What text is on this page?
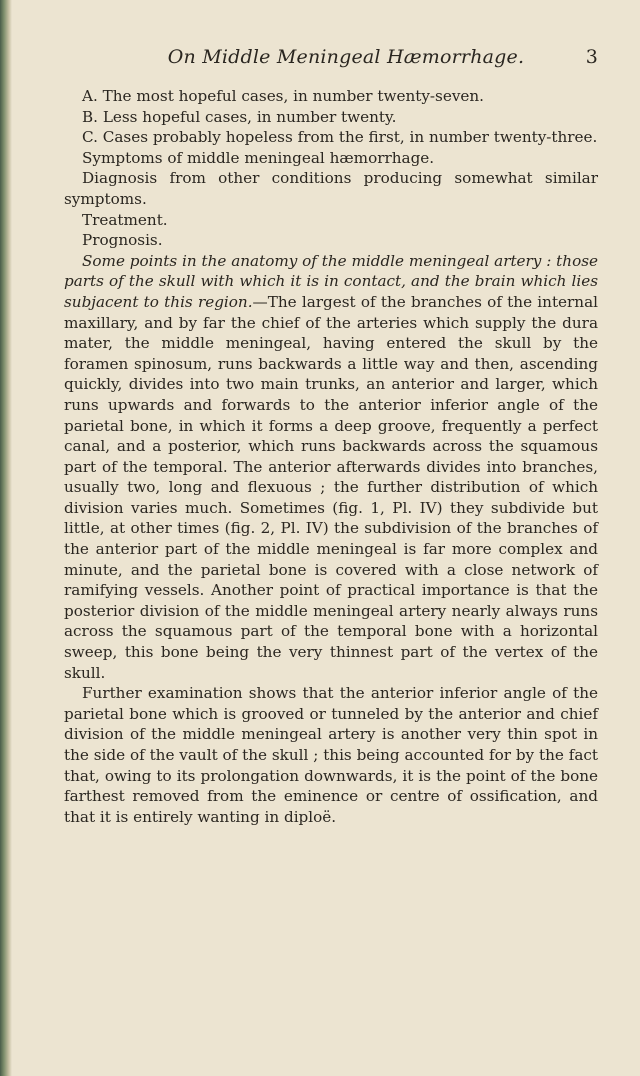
On Middle Meningeal Hæmorrhage.	3

A. The most hopeful cases, in number twenty-seven.

B. Less hopeful cases, in number twenty.

C. Cases probably hopeless from the first, in number twenty-three.

Symptoms of middle meningeal hæmorrhage.

Diagnosis from other conditions producing somewhat similar symptoms.

Treatment.

Prognosis.

Some points in the anatomy of the middle meningeal artery : those parts of the skull with which it is in contact, and the brain which lies subjacent to this region.—The largest of the branches of the internal maxillary, and by far the chief of the arteries which supply the dura mater, the middle meningeal, having entered the skull by the foramen spinosum, runs backwards a little way and then, ascending quickly, divides into two main trunks, an anterior and larger, which runs upwards and forwards to the anterior inferior angle of the parietal bone, in which it forms a deep groove, frequently a perfect canal, and a posterior, which runs backwards across the squamous part of the temporal. The anterior afterwards divides into branches, usually two, long and flexuous ; the further distribution of which division varies much. Sometimes (fig. 1, Pl. IV) they subdivide but little, at other times (fig. 2, Pl. IV) the subdivision of the branches of the anterior part of the middle meningeal is far more complex and minute, and the parietal bone is covered with a close network of ramifying vessels. Another point of practical importance is that the posterior division of the middle meningeal artery nearly always runs across the squamous part of the temporal bone with a horizontal sweep, this bone being the very thinnest part of the vertex of the skull.

Further examination shows that the anterior inferior angle of the parietal bone which is grooved or tunneled by the anterior and chief division of the middle meningeal artery is another very thin spot in the side of the vault of the skull ; this being accounted for by the fact that, owing to its prolongation downwards, it is the point of the bone farthest removed from the eminence or centre of ossification, and that it is entirely wanting in diploë.
